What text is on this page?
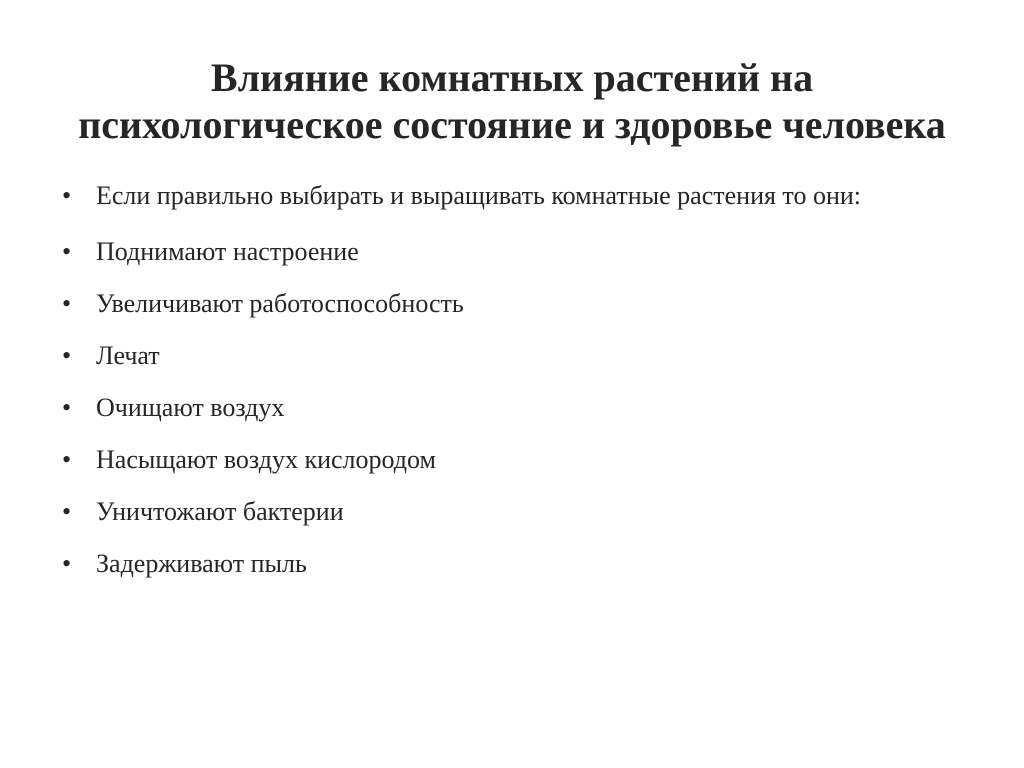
Влияние комнатных растений на
психологическое состояние и здоровье человека
• Если правильно выбирать и выращивать комнатные растения то они:
• Поднимают настроение
• Увеличивают работоспособность
• Лечат
• Очищают воздух
• Насыщают воздух кислородом
• Уничтожают бактерии
• Задерживают пыль
